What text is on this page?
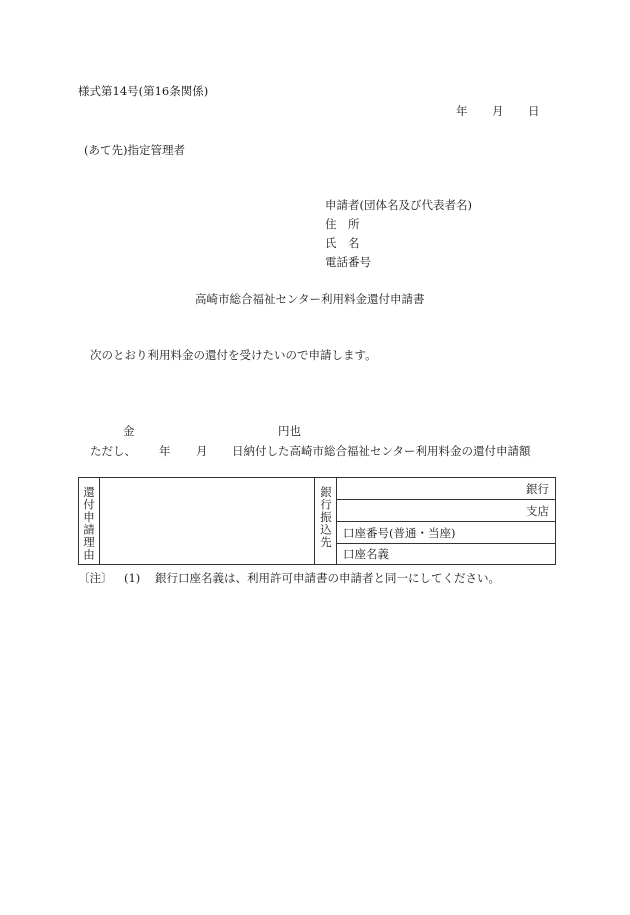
様式第14号(第16条関係)
年 月 日
(あて先)指定管理者
申請者(団体名及び代表者名)
住　所
氏　名
電話番号
高崎市総合福祉センター利用料金還付申請書
次のとおり利用料金の還付を受けたいので申請します。
金	円也
ただし、 年 月 日納付した高崎市総合福祉センター利用料金の還付申請額
還付申請理由		銀行振込先	銀行
支店
口座番号(普通・当座)
口座名義
〔注〕 (1) 銀行口座名義は、利用許可申請書の申請者と同一にしてください。
